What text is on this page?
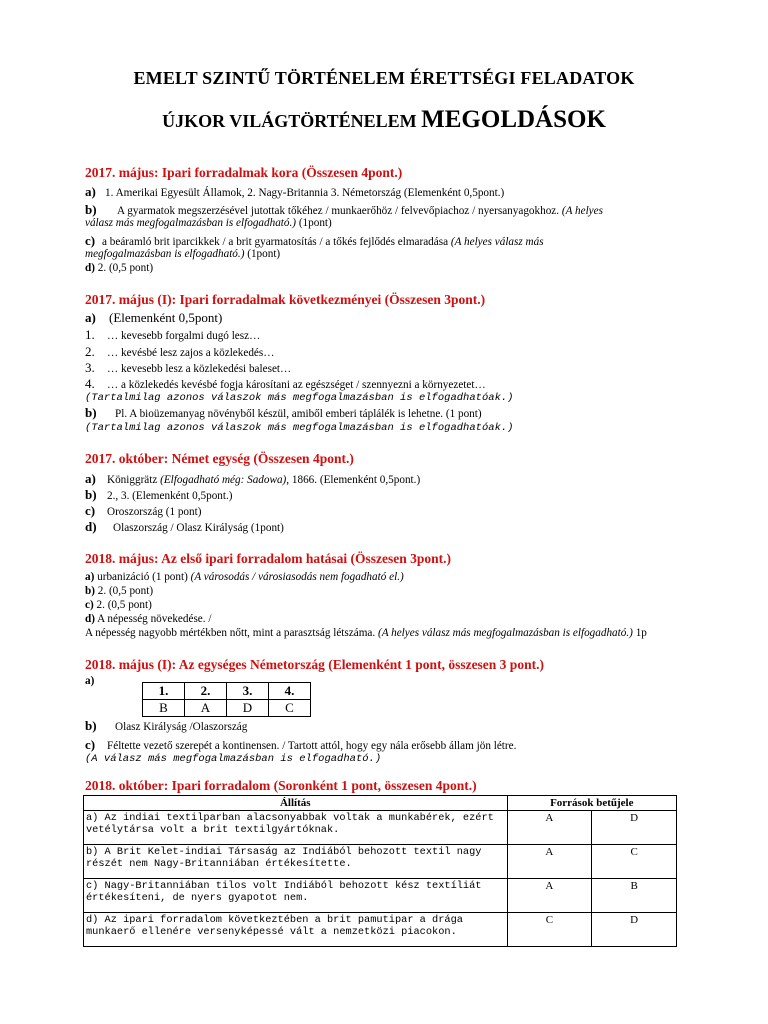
EMELT SZINTŰ TÖRTÉNELEM ÉRETTSÉGI FELADATOK
ÚJKOR VILÁGTÖRTÉNELEM MEGOLDÁSOK
2017. május: Ipari forradalmak kora (Összesen 4pont.)
a) 1. Amerikai Egyesült Államok, 2. Nagy-Britannia 3. Németország (Elemenként 0,5pont.)
b) A gyarmatok megszerzésével jutottak tőkéhez / munkaerőhöz / felvevőpiachoz / nyersanyagokhoz. (A helyes
válasz más megfogalmazásban is elfogadható.) (1pont)
c) a beáramló brit iparcikkek / a brit gyarmatosítás / a tőkés fejlődés elmaradása (A helyes válasz más
megfogalmazásban is elfogadható.) (1pont)
d) 2. (0,5 pont)
2017. május (I): Ipari forradalmak következményei (Összesen 3pont.)
a) (Elemenként 0,5pont)
1. … kevesebb forgalmi dugó lesz…
2. … kevésbé lesz zajos a közlekedés…
3. … kevesebb lesz a közlekedési baleset…
4. … a közlekedés kevésbé fogja károsítani az egészséget / szennyezni a környezetet…
(Tartalmilag azonos válaszok más megfogalmazásban is elfogadhatóak.)
b) Pl. A bioüzemanyag növényből készül, amiből emberi táplálék is lehetne. (1 pont)
(Tartalmilag azonos válaszok más megfogalmazásban is elfogadhatóak.)
2017. október: Német egység (Összesen 4pont.)
a) Königgrätz (Elfogadható még: Sadowa), 1866. (Elemenként 0,5pont.)
b) 2., 3. (Elemenként 0,5pont.)
c) Oroszország (1 pont)
d) Olaszország / Olasz Királyság (1pont)
2018. május: Az első ipari forradalom hatásai (Összesen 3pont.)
a) urbanizáció (1 pont) (A városodás / városiasodás nem fogadható el.)
b) 2. (0,5 pont)
c) 2. (0,5 pont)
d) A népesség növekedése. /
A népesség nagyobb mértékben nőtt, mint a parasztság létszáma. (A helyes válasz más megfogalmazásban is elfogadható.) 1p
2018. május (I): Az egységes Németország (Elemenként 1 pont, összesen 3 pont.)
a)
1.	2.	3.	4.
B	A	D	C
b) Olasz Királyság /Olaszország
c) Féltette vezető szerepét a kontinensen. / Tartott attól, hogy egy nála erősebb állam jön létre.
(A válasz más megfogalmazásban is elfogadható.)
2018. október: Ipari forradalom (Soronként 1 pont, összesen 4pont.)
Állítás	Források betűjele	
a) Az indiai textilparban alacsonyabbak voltak a munkabérek, ezért vetélytársa volt a brit textilgyártóknak.	A	D
b) A Brit Kelet-indiai Társaság az Indiából behozott textil nagy részét nem Nagy-Britanniában értékesítette.	A	C
c) Nagy-Britanniában tilos volt Indiából behozott kész textíliát értékesíteni, de nyers gyapotot nem.	A	B
d) Az ipari forradalom következtében a brit pamutipar a drága munkaerő ellenére versenyképessé vált a nemzetközi piacokon.	C	D
